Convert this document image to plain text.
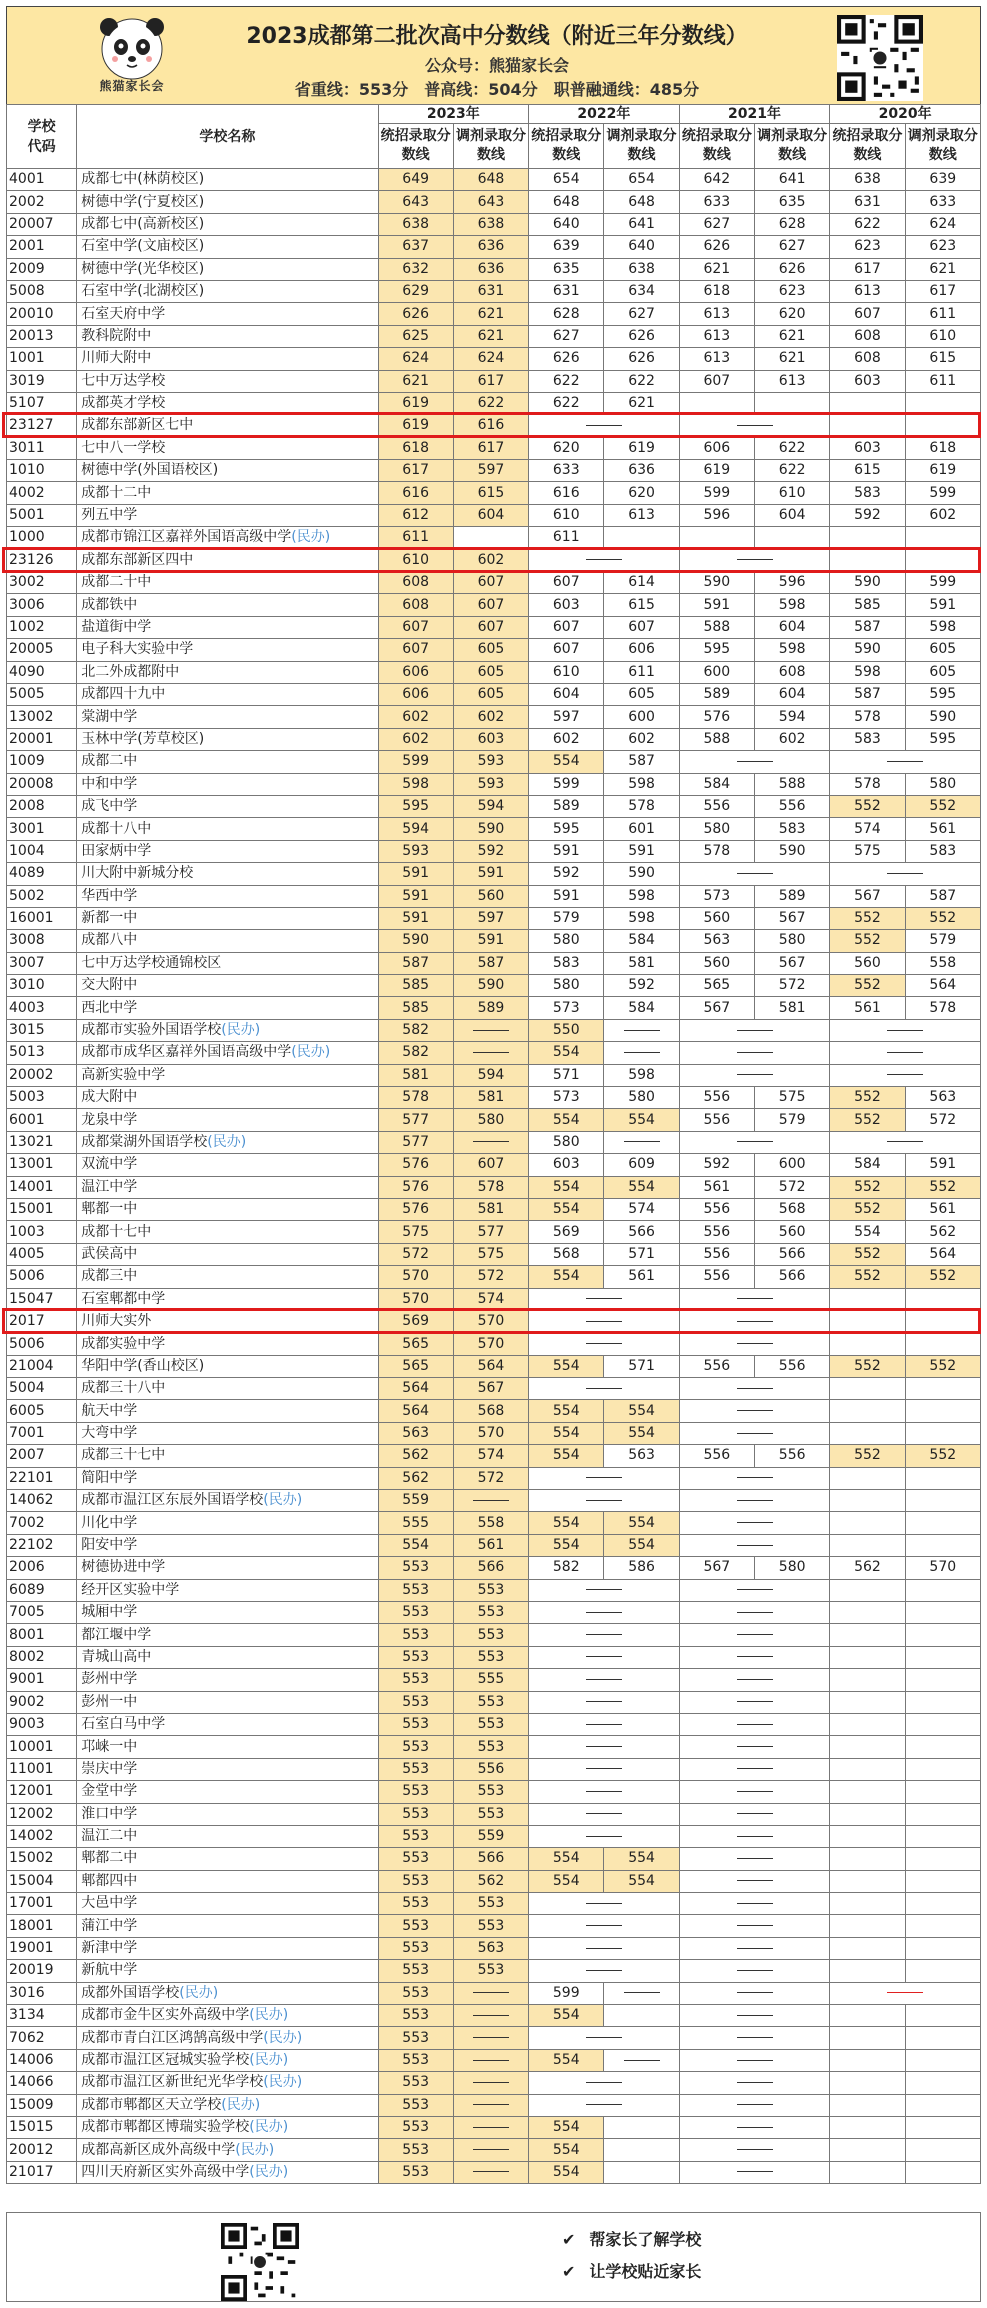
熊猫家长会
2023成都第二批次高中分数线（附近三年分数线）
公众号：熊猫家长会
省重线：553分　普高线：504分　职普融通线：485分
学校
代码	学校名称	2023年		2022年		2021年		2020年	
		统招录取分数线	调剂录取分数线	统招录取分数线	调剂录取分数线	统招录取分数线	调剂录取分数线	统招录取分数线	调剂录取分数线
4001	成都七中(林荫校区)	649	648	654	654	642	641	638	639
2002	树德中学(宁夏校区)	643	643	648	648	633	635	631	633
20007	成都七中(高新校区)	638	638	640	641	627	628	622	624
2001	石室中学(文庙校区)	637	636	639	640	626	627	623	623
2009	树德中学(光华校区)	632	636	635	638	621	626	617	621
5008	石室中学(北湖校区)	629	631	631	634	618	623	613	617
20010	石室天府中学	626	621	628	627	613	620	607	611
20013	教科院附中	625	621	627	626	613	621	608	610
1001	川师大附中	624	624	626	626	613	621	608	615
3019	七中万达学校	621	617	622	622	607	613	603	611
5107	成都英才学校	619	622	622	621				
23127	成都东部新区七中	619	616						
3011	七中八一学校	618	617	620	619	606	622	603	618
1010	树德中学(外国语校区)	617	597	633	636	619	622	615	619
4002	成都十二中	616	615	616	620	599	610	583	599
5001	列五中学	612	604	610	613	596	604	592	602
1000	成都市锦江区嘉祥外国语高级中学(民办)	611		611					
23126	成都东部新区四中	610	602						
3002	成都二十中	608	607	607	614	590	596	590	599
3006	成都铁中	608	607	603	615	591	598	585	591
1002	盐道街中学	607	607	607	607	588	604	587	598
20005	电子科大实验中学	607	605	607	606	595	598	590	605
4090	北二外成都附中	606	605	610	611	600	608	598	605
5005	成都四十九中	606	605	604	605	589	604	587	595
13002	棠湖中学	602	602	597	600	576	594	578	590
20001	玉林中学(芳草校区)	602	603	602	602	588	602	583	595
1009	成都二中	599	593	554	587				
20008	中和中学	598	593	599	598	584	588	578	580
2008	成飞中学	595	594	589	578	556	556	552	552
3001	成都十八中	594	590	595	601	580	583	574	561
1004	田家炳中学	593	592	591	591	578	590	575	583
4089	川大附中新城分校	591	591	592	590				
5002	华西中学	591	560	591	598	573	589	567	587
16001	新都一中	591	597	579	598	560	567	552	552
3008	成都八中	590	591	580	584	563	580	552	579
3007	七中万达学校通锦校区	587	587	583	581	560	567	560	558
3010	交大附中	585	590	580	592	565	572	552	564
4003	西北中学	585	589	573	584	567	581	561	578
3015	成都市实验外国语学校(民办)	582		550					
5013	成都市成华区嘉祥外国语高级中学(民办)	582		554					
20002	高新实验中学	581	594	571	598				
5003	成大附中	578	581	573	580	556	575	552	563
6001	龙泉中学	577	580	554	554	556	579	552	572
13021	成都棠湖外国语学校(民办)	577		580					
13001	双流中学	576	607	603	609	592	600	584	591
14001	温江中学	576	578	554	554	561	572	552	552
15001	郫都一中	576	581	554	574	556	568	552	561
1003	成都十七中	575	577	569	566	556	560	554	562
4005	武侯高中	572	575	568	571	556	566	552	564
5006	成都三中	570	572	554	561	556	566	552	552
15047	石室郫都中学	570	574						
2017	川师大实外	569	570						
5006	成都实验中学	565	570						
21004	华阳中学(香山校区)	565	564	554	571	556	556	552	552
5004	成都三十八中	564	567						
6005	航天中学	564	568	554	554				
7001	大弯中学	563	570	554	554				
2007	成都三十七中	562	574	554	563	556	556	552	552
22101	简阳中学	562	572						
14062	成都市温江区东辰外国语学校(民办)	559							
7002	川化中学	555	558	554	554				
22102	阳安中学	554	561	554	554				
2006	树德协进中学	553	566	582	586	567	580	562	570
6089	经开区实验中学	553	553						
7005	城厢中学	553	553						
8001	都江堰中学	553	553						
8002	青城山高中	553	553						
9001	彭州中学	553	555						
9002	彭州一中	553	553						
9003	石室白马中学	553	553						
10001	邛崃一中	553	553						
11001	崇庆中学	553	556						
12001	金堂中学	553	553						
12002	淮口中学	553	553						
14002	温江二中	553	559						
15002	郫都二中	553	566	554	554				
15004	郫都四中	553	562	554	554				
17001	大邑中学	553	553						
18001	蒲江中学	553	553						
19001	新津中学	553	563						
20019	新航中学	553	553						
3016	成都外国语学校(民办)	553		599					
3134	成都市金牛区实外高级中学(民办)	553		554					
7062	成都市青白江区鸿鹄高级中学(民办)	553							
14006	成都市温江区冠城实验学校(民办)	553		554					
14066	成都市温江区新世纪光华学校(民办)	553							
15009	成都市郫都区天立学校(民办)	553							
15015	成都市郫都区博瑞实验学校(民办)	553		554					
20012	成都高新区成外高级中学(民办)	553		554					
21017	四川天府新区实外高级中学(民办)	553		554					
✔ 帮家长了解学校
✔ 让学校贴近家长
